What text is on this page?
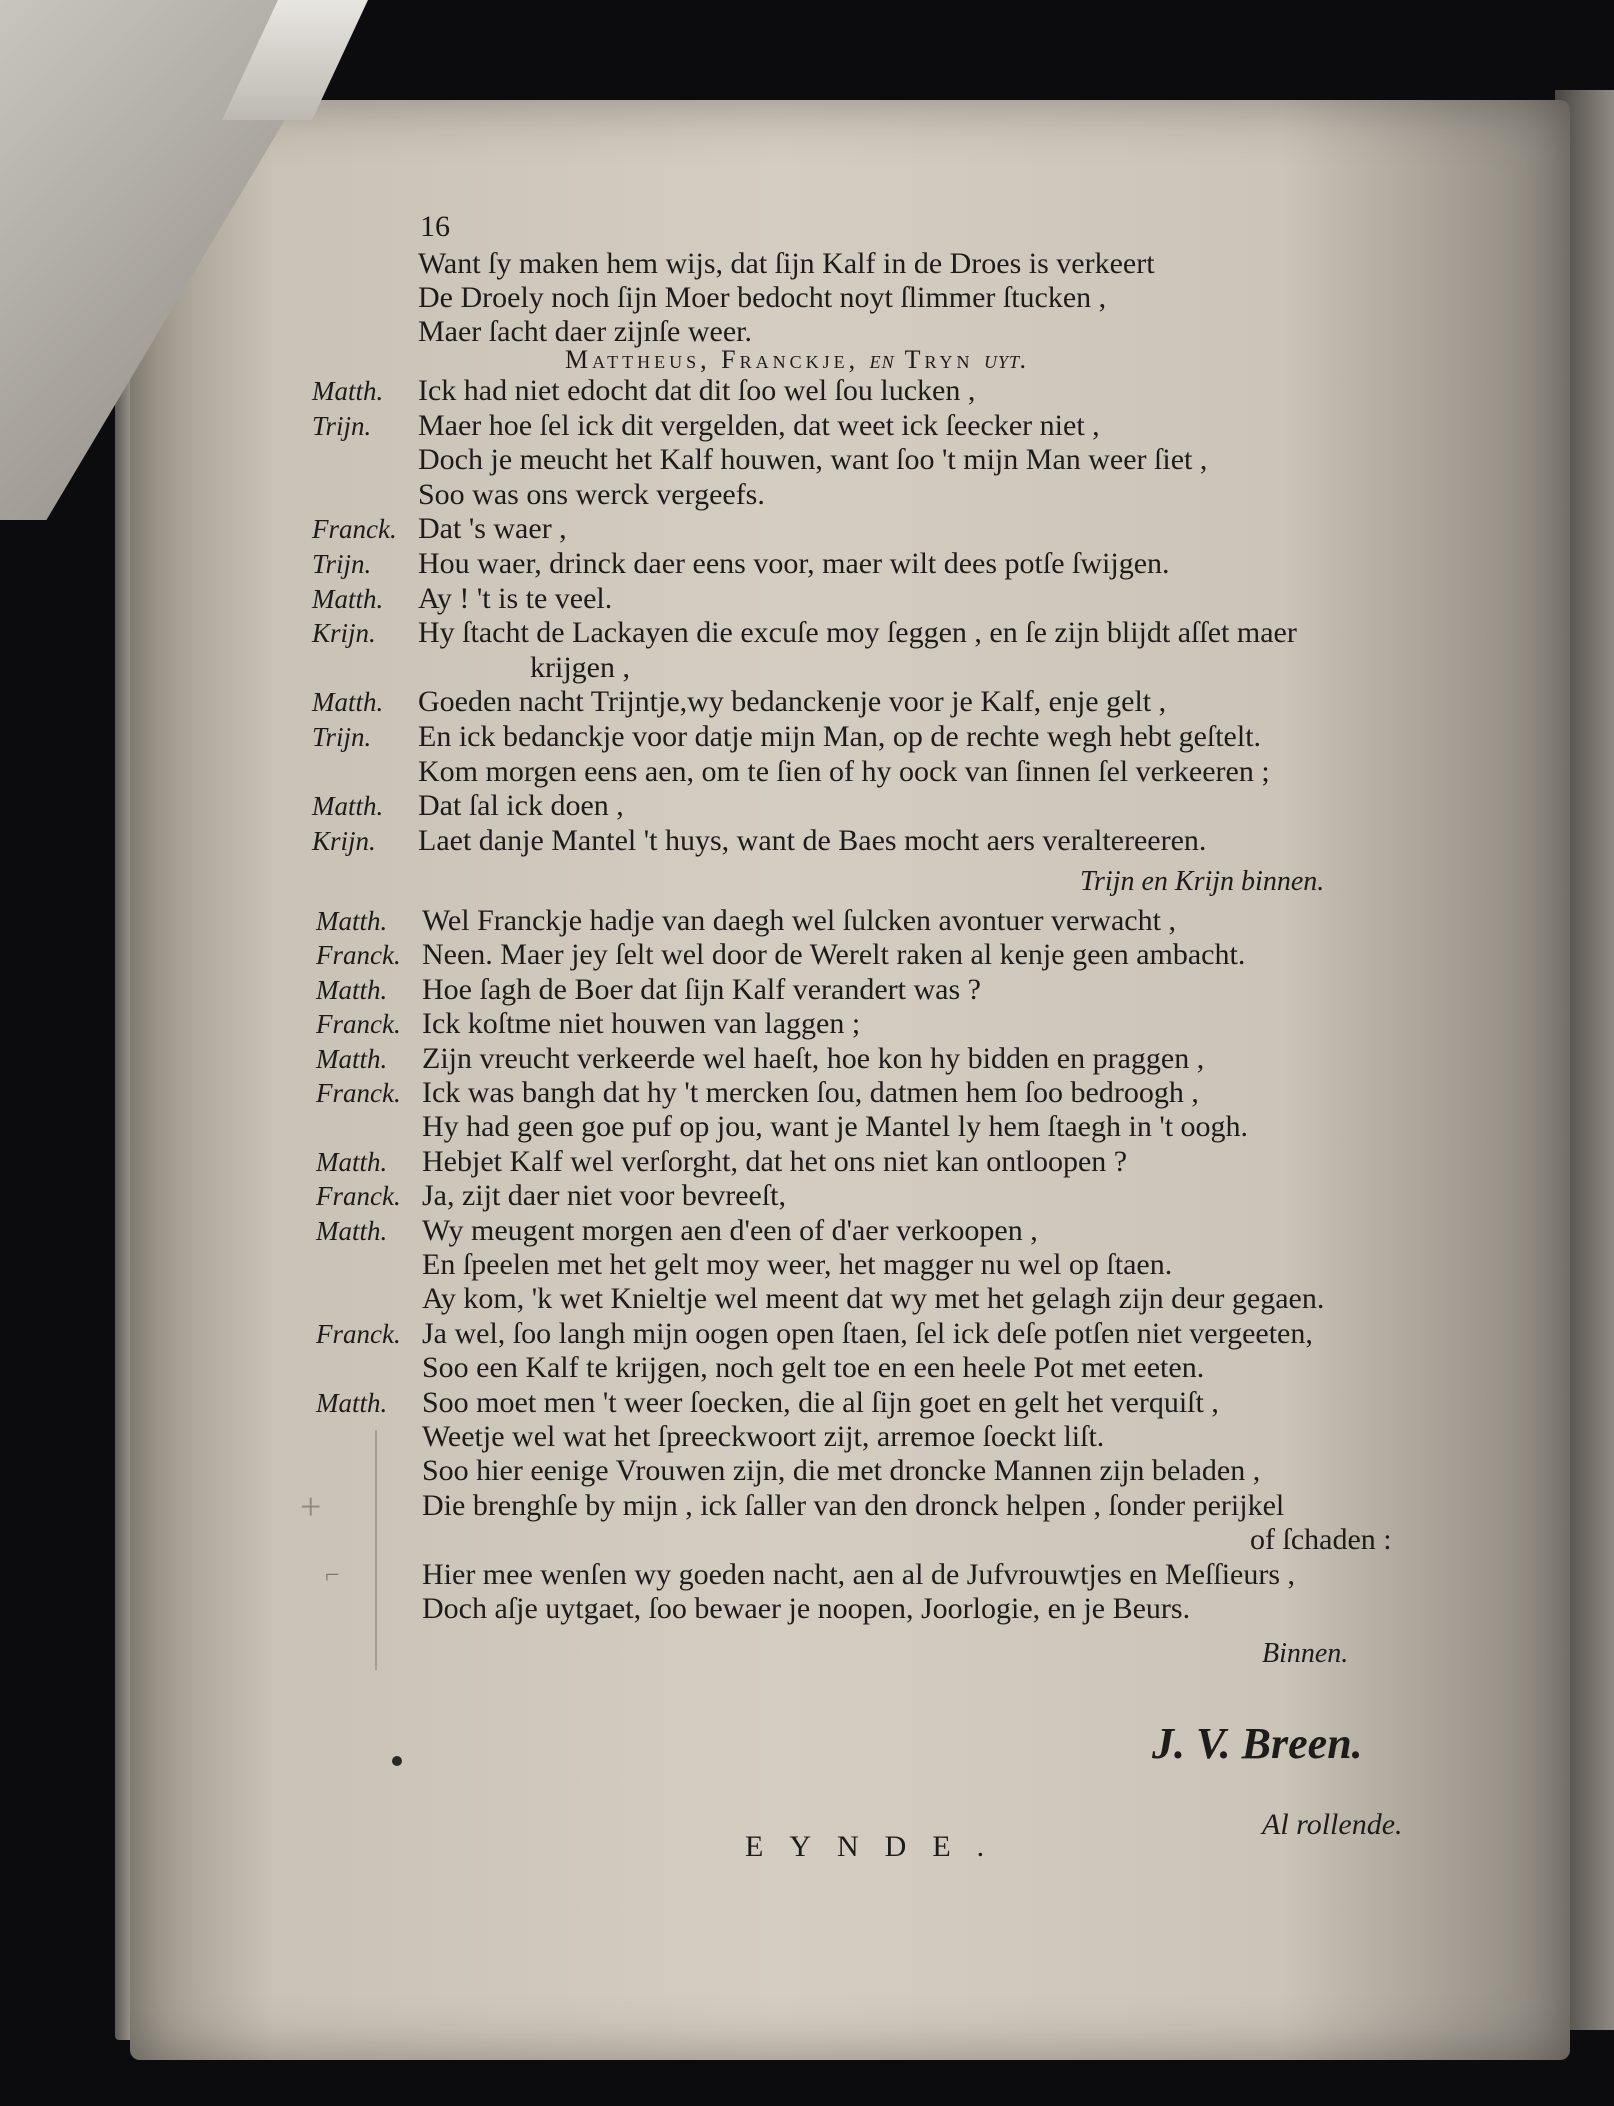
16
Mattheus, Franckje, en Tryn uyt.
Trijn en Krijn binnen.
Binnen.
J. V. Breen.
EYNDE.
Al rollende.
+
⌐
Want ſy maken hem wijs, dat ſijn Kalf in de Droes is verkeert
De Droely noch ſijn Moer bedocht noyt ſlimmer ſtucken ,
Maer ſacht daer zijnſe weer.
Matth.	Ick had niet edocht dat dit ſoo wel ſou lucken ,
Trijn.	Maer hoe ſel ick dit vergelden, dat weet ick ſeecker niet ,
Doch je meucht het Kalf houwen, want ſoo 't mijn Man weer ſiet ,
Soo was ons werck vergeefs.
Franck. Dat 's waer ,
Trijn.	Hou waer, drinck daer eens voor, maer wilt dees potſe ſwijgen.
Matth.	Ay ! 't is te veel.
Krijn.	Hy ſtacht de Lackayen die excuſe moy ſeggen , en ſe zijn blijdt aſſet maer
krijgen ,
Matth.	Goeden nacht Trijntje,wy bedanckenje voor je Kalf, enje gelt ,
Trijn.	En ick bedanckje voor datje mijn Man, op de rechte wegh hebt geſtelt.
Kom morgen eens aen, om te ſien of hy oock van ſinnen ſel verkeeren ;
Matth.	Dat ſal ick doen ,
Krijn.	Laet danje Mantel 't huys, want de Baes mocht aers veraltereeren.
Matth.	Wel Franckje hadje van daegh wel ſulcken avontuer verwacht ,
Franck. Neen. Maer jey ſelt wel door de Werelt raken al kenje geen ambacht.
Matth.	Hoe ſagh de Boer dat ſijn Kalf verandert was ?
Franck. Ick koſtme niet houwen van laggen ;
Matth.	Zijn vreucht verkeerde wel haeſt, hoe kon hy bidden en praggen ,
Franck. Ick was bangh dat hy 't mercken ſou, datmen hem ſoo bedroogh ,
Hy had geen goe puf op jou, want je Mantel ly hem ſtaegh in 't oogh.
Matth.	Hebjet Kalf wel verſorght, dat het ons niet kan ontloopen ?
Franck. Ja, zijt daer niet voor bevreeſt,
Matth.	Wy meugent morgen aen d'een of d'aer verkoopen ,
En ſpeelen met het gelt moy weer, het magger nu wel op ſtaen.
Ay kom, 'k wet Knieltje wel meent dat wy met het gelagh zijn deur gegaen.
Franck. Ja wel, ſoo langh mijn oogen open ſtaen, ſel ick deſe potſen niet vergeeten,
Soo een Kalf te krijgen, noch gelt toe en een heele Pot met eeten.
Matth.	Soo moet men 't weer ſoecken, die al ſijn goet en gelt het verquiſt ,
Weetje wel wat het ſpreeckwoort zijt, arremoe ſoeckt liſt.
Soo hier eenige Vrouwen zijn, die met droncke Mannen zijn beladen ,
Die brenghſe by mijn , ick ſaller van den dronck helpen , ſonder perijkel
of ſchaden :
Hier mee wenſen wy goeden nacht, aen al de Jufvrouwtjes en Meſſieurs ,
Doch aſje uytgaet, ſoo bewaer je noopen, Joorlogie, en je Beurs.
